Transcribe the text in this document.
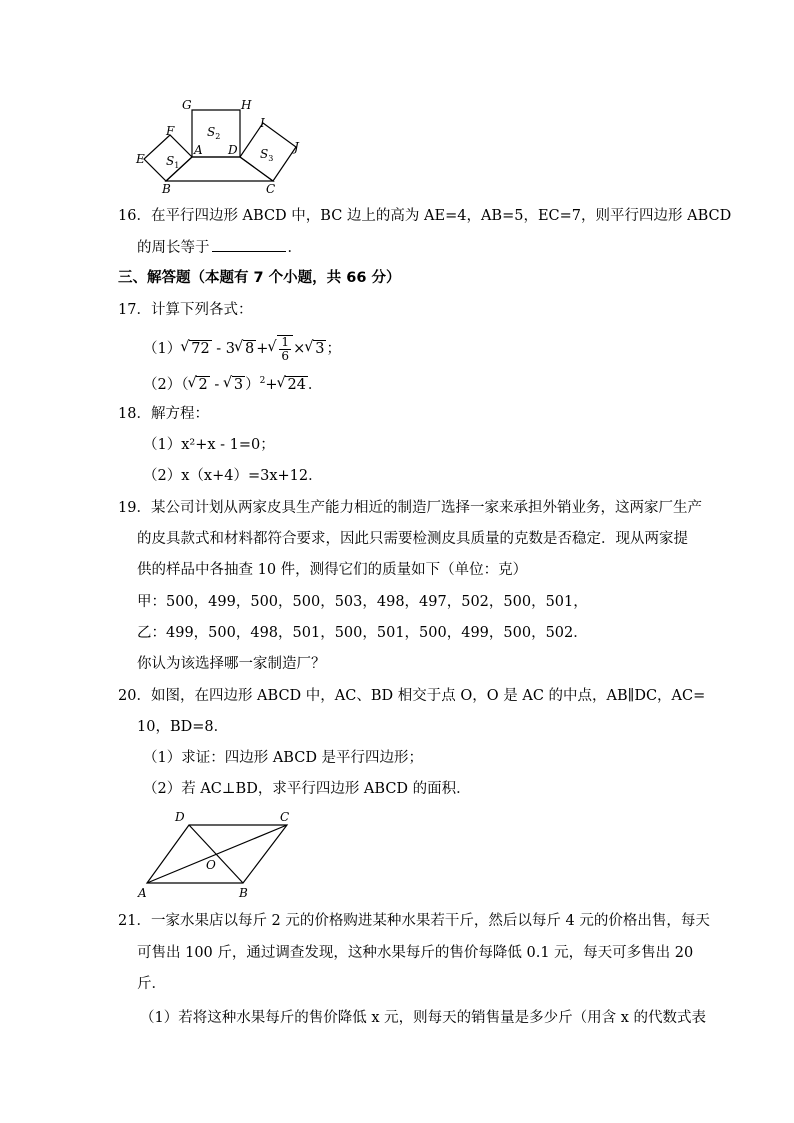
G	H
F
I
E
J
A D
B	C
$S_1$
$S_2$
$S_3$
16．在平行四边形 ABCD 中，BC 边上的高为 AE=4，AB=5，EC=7，则平行四边形 ABCD
的周长等于	．
三、解答题（本题有 7 个小题，共 66 分）
17．计算下列各式：
（1） √ 72 - 3 √ 8 + √ $\frac{1}{6}$ × √ 3 ；
（2）（ √ 2 - √ 3 ）$^2$+ √ 24 ．
18．解方程：
（1）x²+x - 1=0；
（2）x（x+4）=3x+12．
19．某公司计划从两家皮具生产能力相近的制造厂选择一家来承担外销业务，这两家厂生产
的皮具款式和材料都符合要求，因此只需要检测皮具质量的克数是否稳定．现从两家提
供的样品中各抽查 10 件，测得它们的质量如下（单位：克）
甲：500，499，500，500，503，498，497，502，500，501，
乙：499，500，498，501，500，501，500，499，500，502．
你认为该选择哪一家制造厂？
20．如图，在四边形 ABCD 中，AC、BD 相交于点 O，O 是 AC 的中点，AB∥DC，AC=
10，BD=8．
（1）求证：四边形 ABCD 是平行四边形；
（2）若 AC⊥BD，求平行四边形 ABCD 的面积．
D	C
O
A	B
21．一家水果店以每斤 2 元的价格购进某种水果若干斤，然后以每斤 4 元的价格出售，每天
可售出 100 斤，通过调查发现，这种水果每斤的售价每降低 0.1 元，每天可多售出 20
斤．
（1）若将这种水果每斤的售价降低 x 元，则每天的销售量是多少斤（用含 x 的代数式表
